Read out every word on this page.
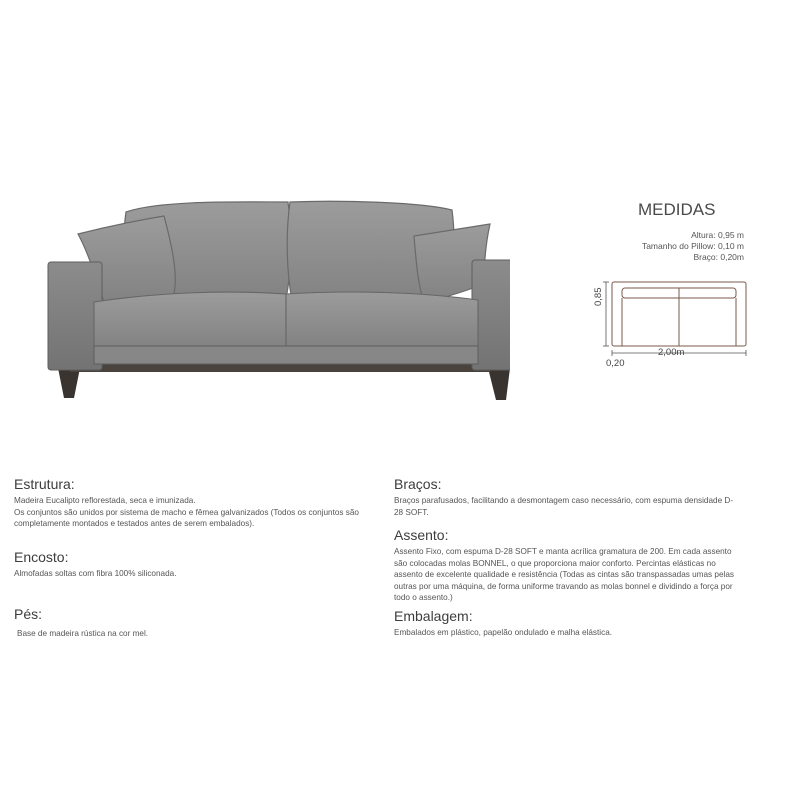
MEDIDAS
Altura: 0,95 m
Tamanho do Pillow: 0,10 m
Braço: 0,20m
0,85
2,00m
0,20

Estrutura:

Madeira Eucalipto reflorestada, seca e imunizada.

Os conjuntos são unidos por sistema de macho e fêmea galvanizados (Todos os conjuntos são

completamente montados e testados antes de serem embalados).

Encosto:

Almofadas soltas com fibra 100% siliconada.

Pés:

Base de madeira rústica na cor mel.

Braços:

Braços parafusados, facilitando a desmontagem caso necessário, com espuma densidade D-

28 SOFT.

Assento:

Assento Fixo, com espuma D-28 SOFT e manta acrílica gramatura de 200. Em cada assento

são colocadas molas BONNEL, o que proporciona maior conforto. Percintas elásticas no

assento de excelente qualidade e resistência (Todas as cintas são transpassadas umas pelas

outras por uma máquina, de forma uniforme travando as molas bonnel e dividindo a força por

todo o assento.)

Embalagem:

Embalados em plástico, papelão ondulado e malha elástica.
